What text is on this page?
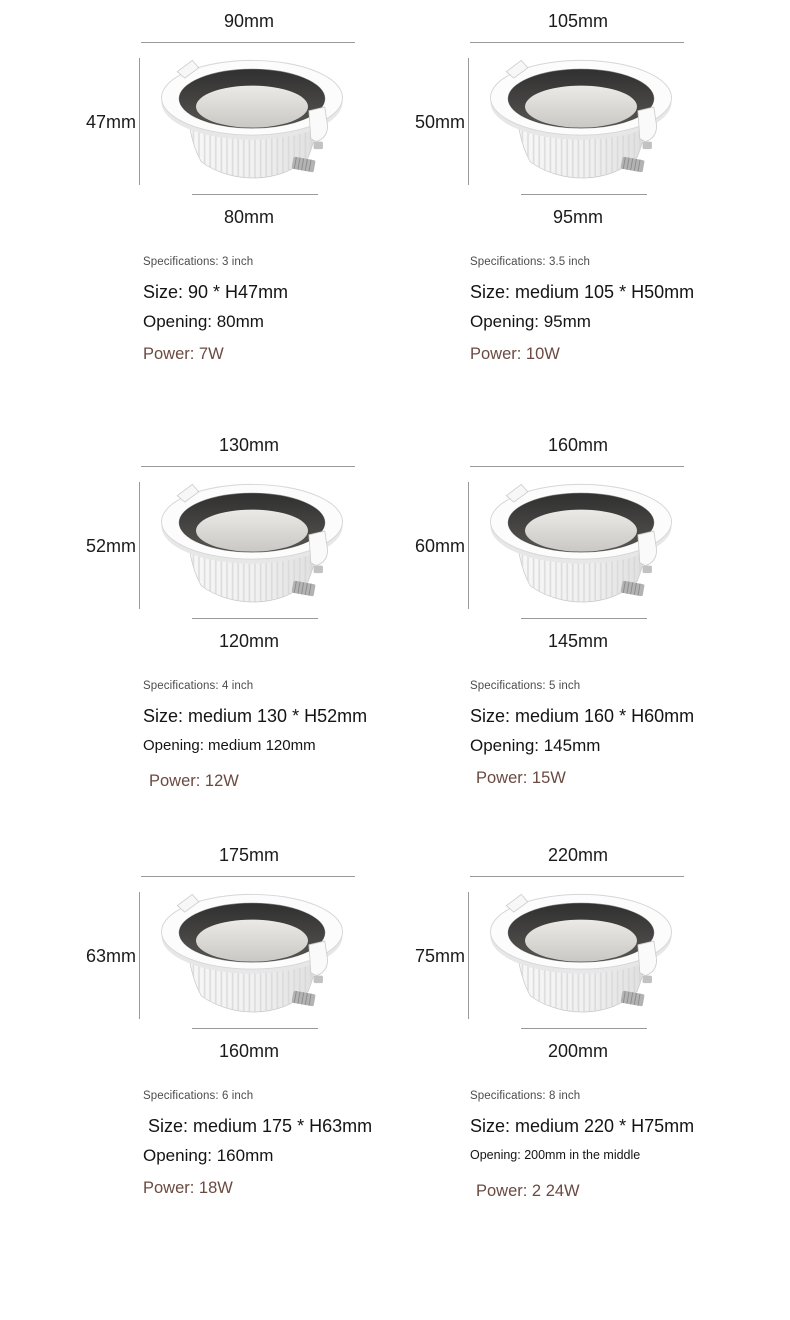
90mm
47mm
80mm

Specifications: 3 inch

Size: 90 * H47mm

Opening: 80mm

Power: 7W

105mm
50mm
95mm

Specifications: 3.5 inch

Size: medium 105 * H50mm

Opening: 95mm

Power: 10W

130mm
52mm
120mm

Specifications: 4 inch

Size: medium 130 * H52mm

Opening: medium 120mm

Power: 12W

160mm
60mm
145mm

Specifications: 5 inch

Size: medium 160 * H60mm

Opening: 145mm

Power: 15W

175mm
63mm
160mm

Specifications: 6 inch

Size: medium 175 * H63mm

Opening: 160mm

Power: 18W

220mm
75mm
200mm

Specifications: 8 inch

Size: medium 220 * H75mm

Opening: 200mm in the middle

Power: 2 24W
